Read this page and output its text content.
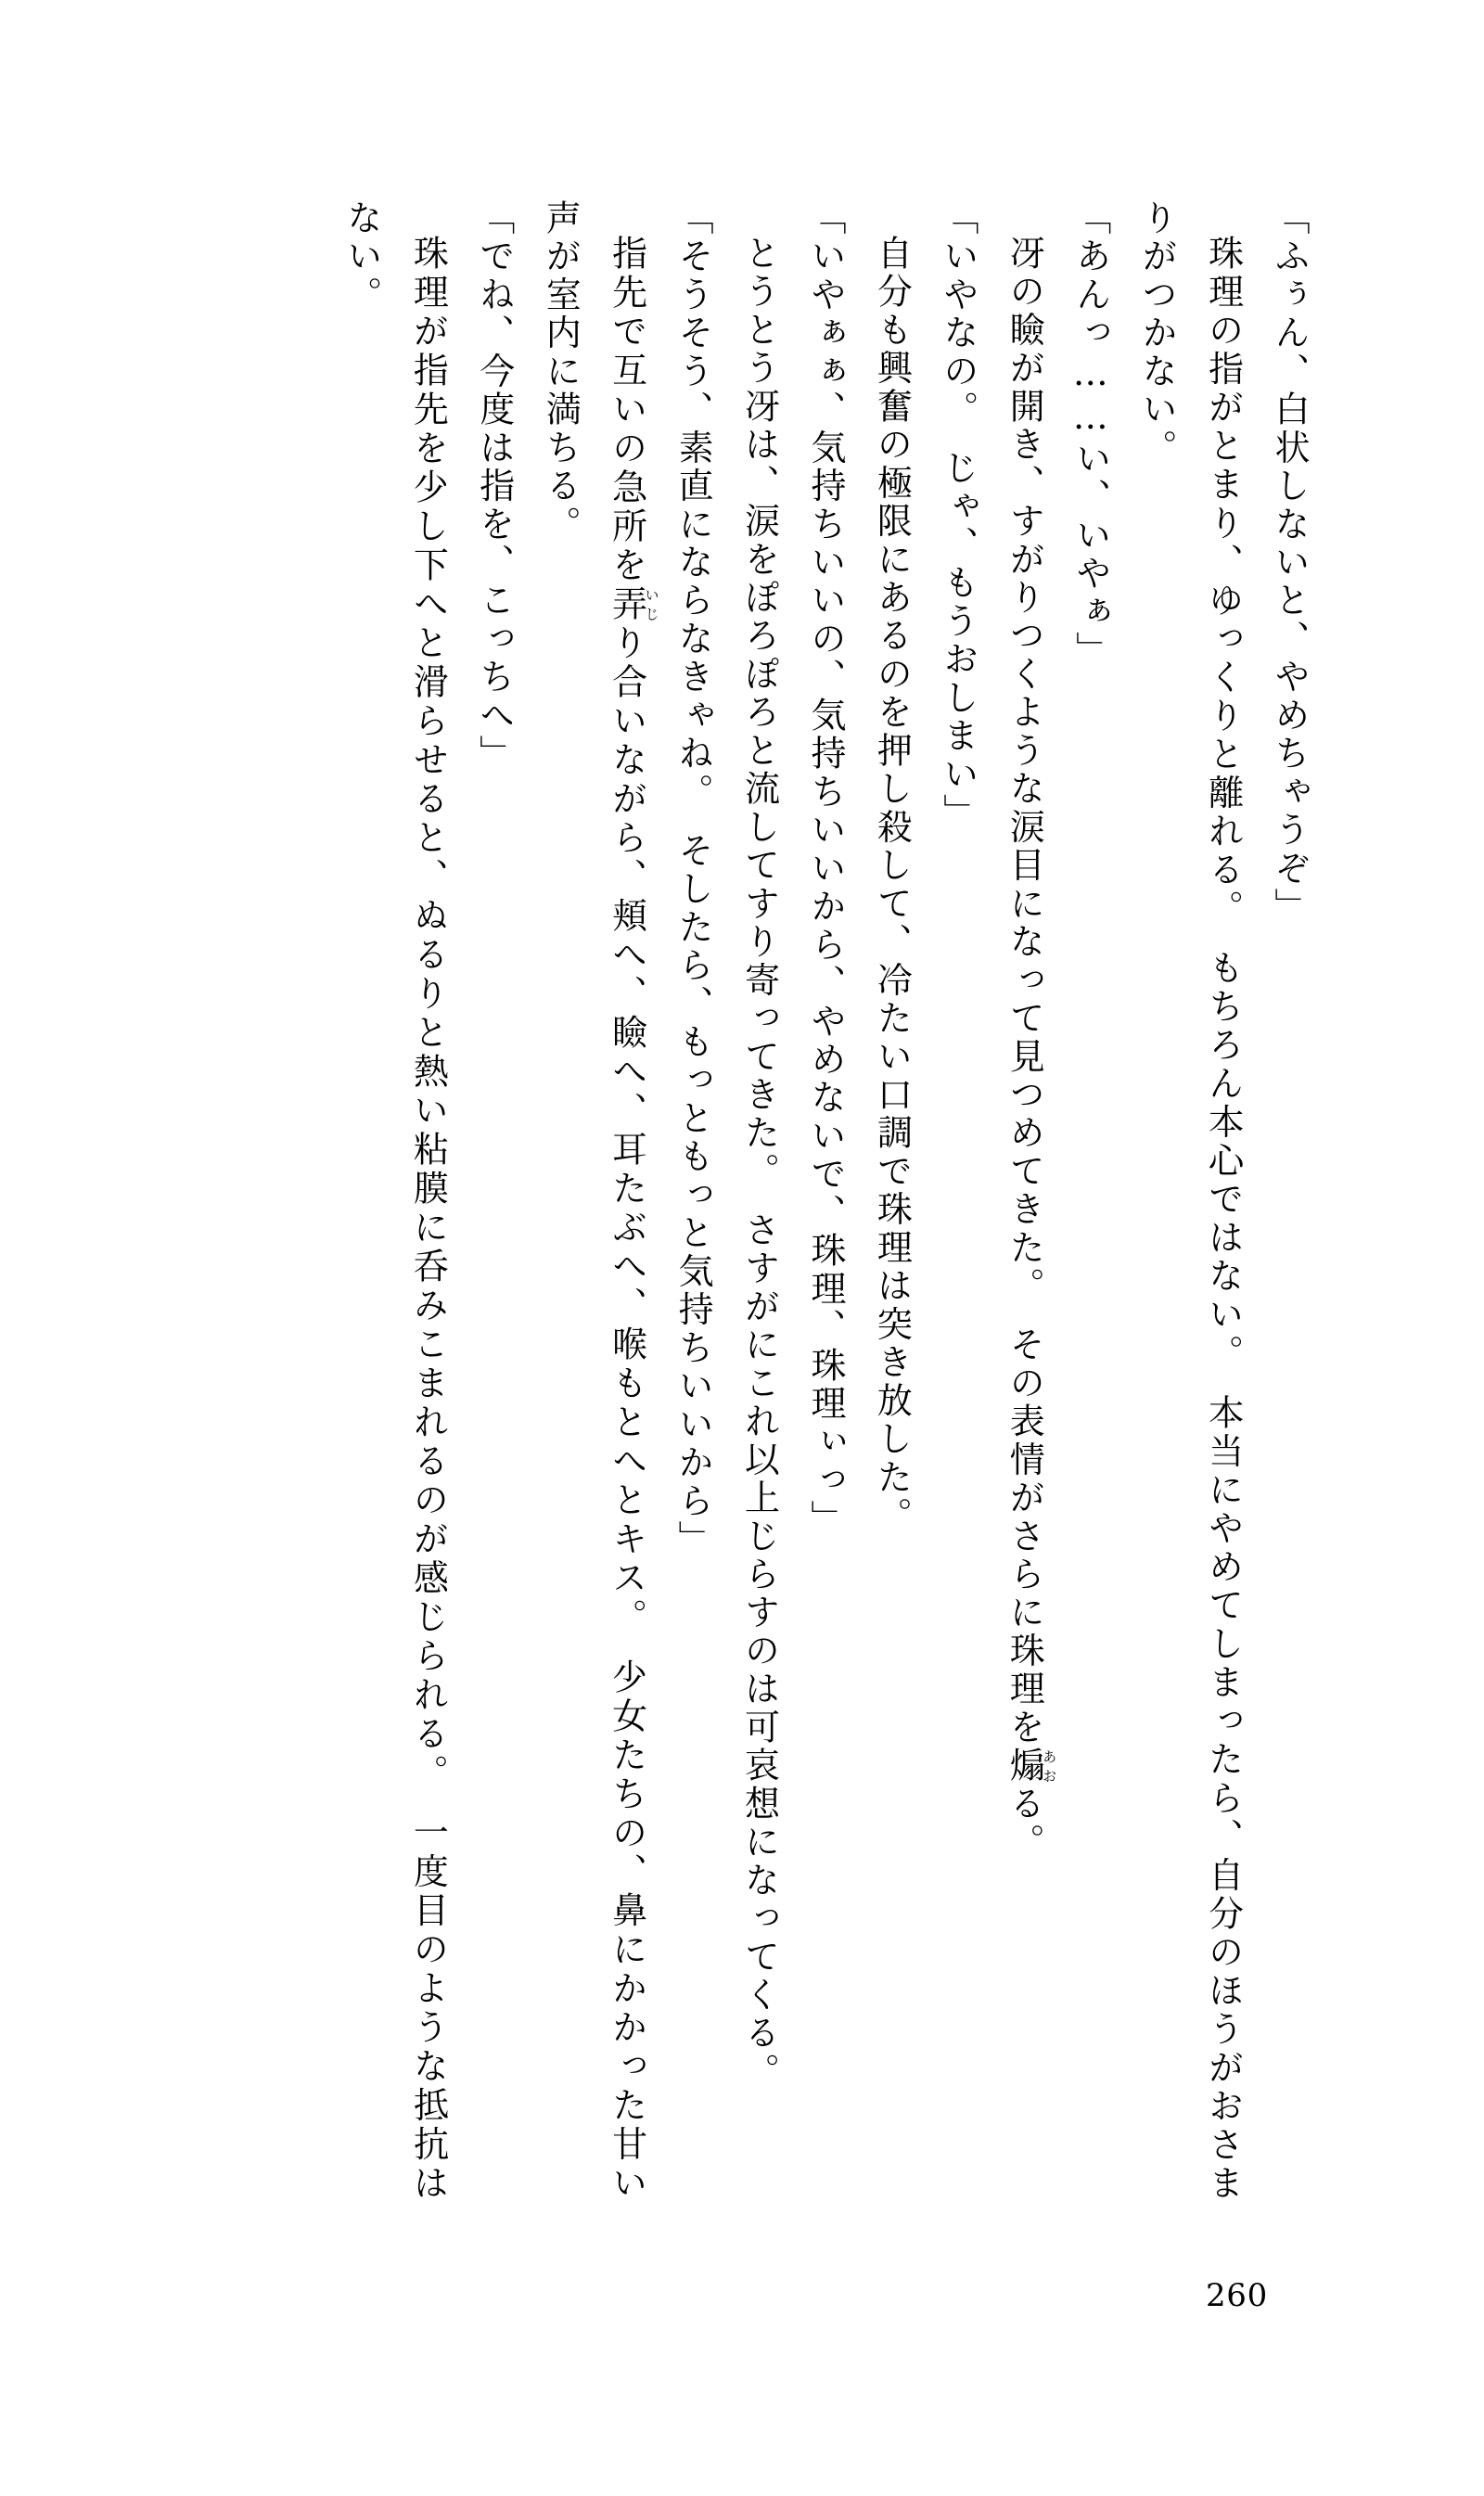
「ふぅん、白状しないと、やめちゃうぞ」

珠理の指がとまり、ゆっくりと離れる。　もちろん本心ではない。　本当にやめてしまったら、自分のほうがおさまりがつかない。

「あんっ……い、いやぁ」

冴の瞼が開き、すがりつくような涙目になって見つめてきた。　その表情がさらに珠理を煽あおる。

「いやなの。　じゃ、もうおしまい」

自分も興奮の極限にあるのを押し殺して、冷たい口調で珠理は突き放した。

「いやぁぁ、気持ちいいの、気持ちいいから、やめないで、珠理、珠理ぃっ」

とうとう冴は、涙をぽろぽろと流してすり寄ってきた。　さすがにこれ以上じらすのは可哀想になってくる。

「そうそう、素直にならなきゃね。　そしたら、もっともっと気持ちいいから」

指先で互いの急所を弄いじり合いながら、頬へ、瞼へ、耳たぶへ、喉もとへとキス。　少女たちの、鼻にかかった甘い声が室内に満ちる。

「でね、今度は指を、こっちへ」

珠理が指先を少し下へと滑らせると、ぬるりと熱い粘膜に呑みこまれるのが感じられる。　一度目のような抵抗はない。

260
